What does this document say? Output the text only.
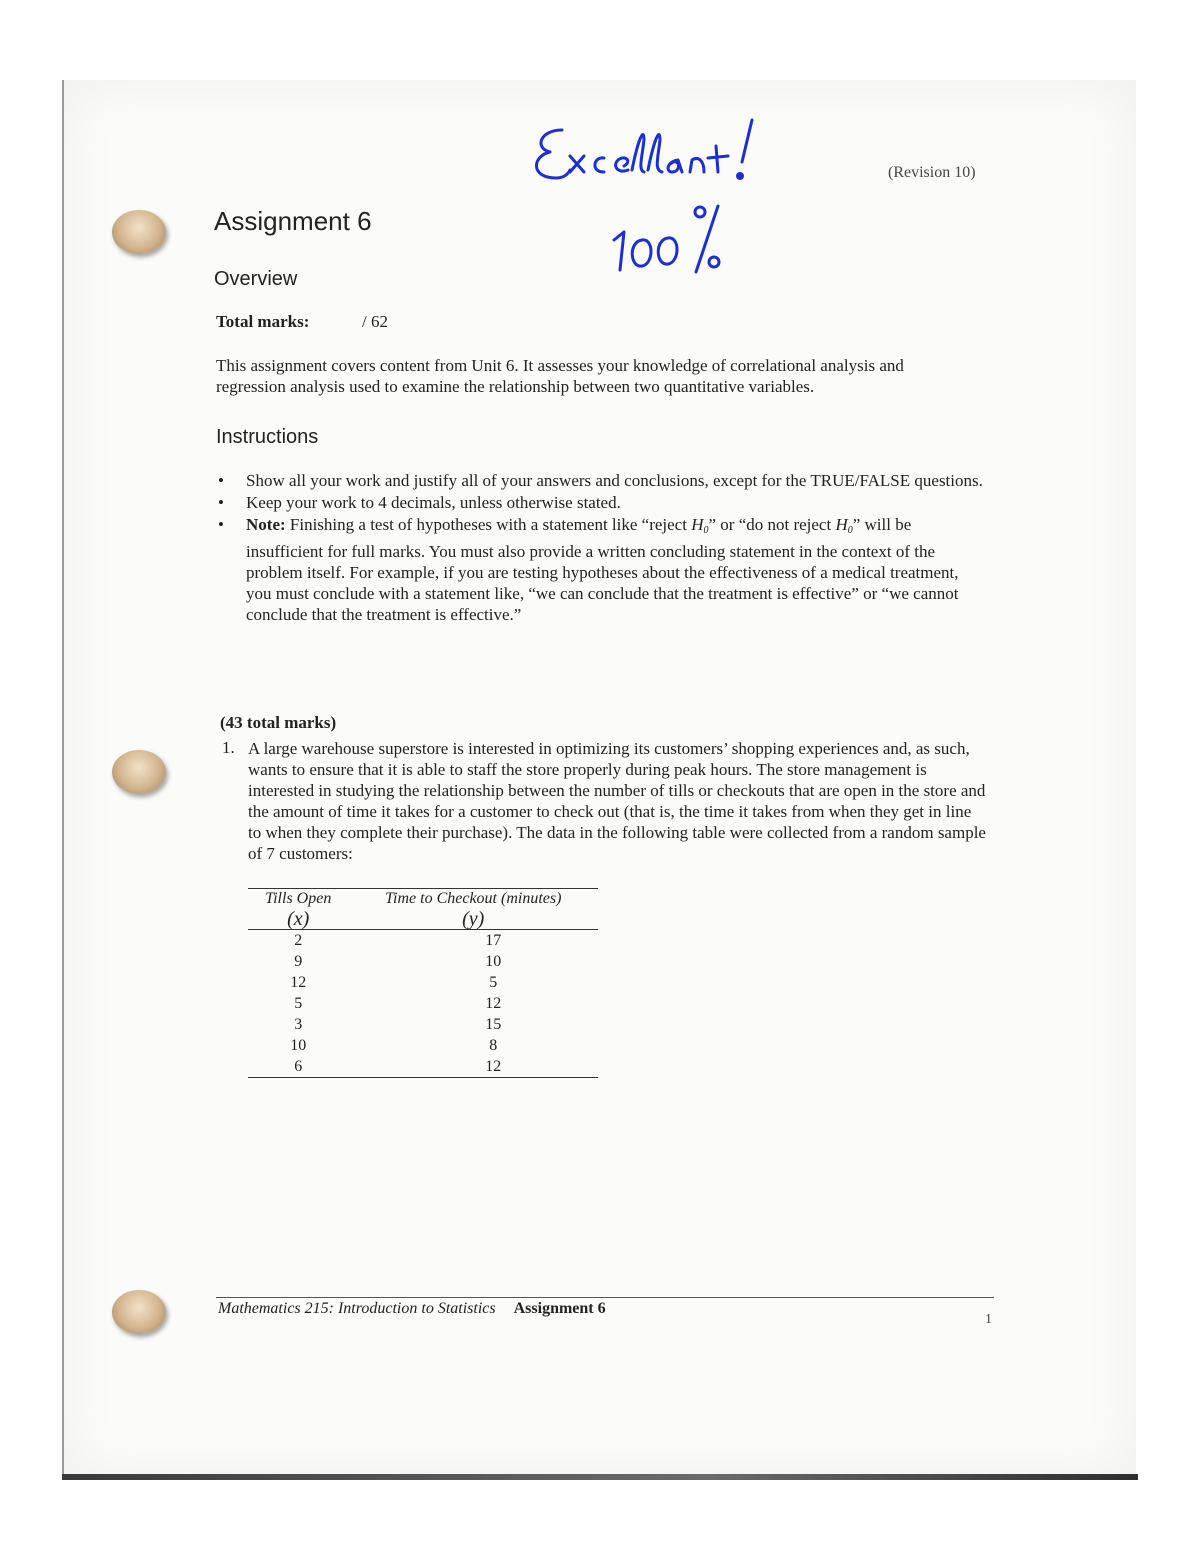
(Revision 10)
Assignment 6
Overview
Total marks:	/ 62
This assignment covers content from Unit 6. It assesses your knowledge of correlational analysis and regression analysis used to examine the relationship between two quantitative variables.
Instructions
• Show all your work and justify all of your answers and conclusions, except for the TRUE/FALSE questions.
• Keep your work to 4 decimals, unless otherwise stated.
• Note: Finishing a test of hypotheses with a statement like “reject H0” or “do not reject H0” will be insufficient for full marks. You must also provide a written concluding statement in the context of the problem itself. For example, if you are testing hypotheses about the effectiveness of a medical treatment, you must conclude with a statement like, “we can conclude that the treatment is effective” or “we cannot conclude that the treatment is effective.”
(43 total marks)
1. A large warehouse superstore is interested in optimizing its customers’ shopping experiences and, as such, wants to ensure that it is able to staff the store properly during peak hours. The store management is interested in studying the relationship between the number of tills or checkouts that are open in the store and the amount of time it takes for a customer to check out (that is, the time it takes from when they get in line to when they complete their purchase). The data in the following table were collected from a random sample of 7 customers:
Tills Open	Time to Checkout (minutes)
(x)	(y)
2	17
9	10
12	5
5	12
3	15
10	8
6	12
Mathematics 215: Introduction to Statistics Assignment 6
1
